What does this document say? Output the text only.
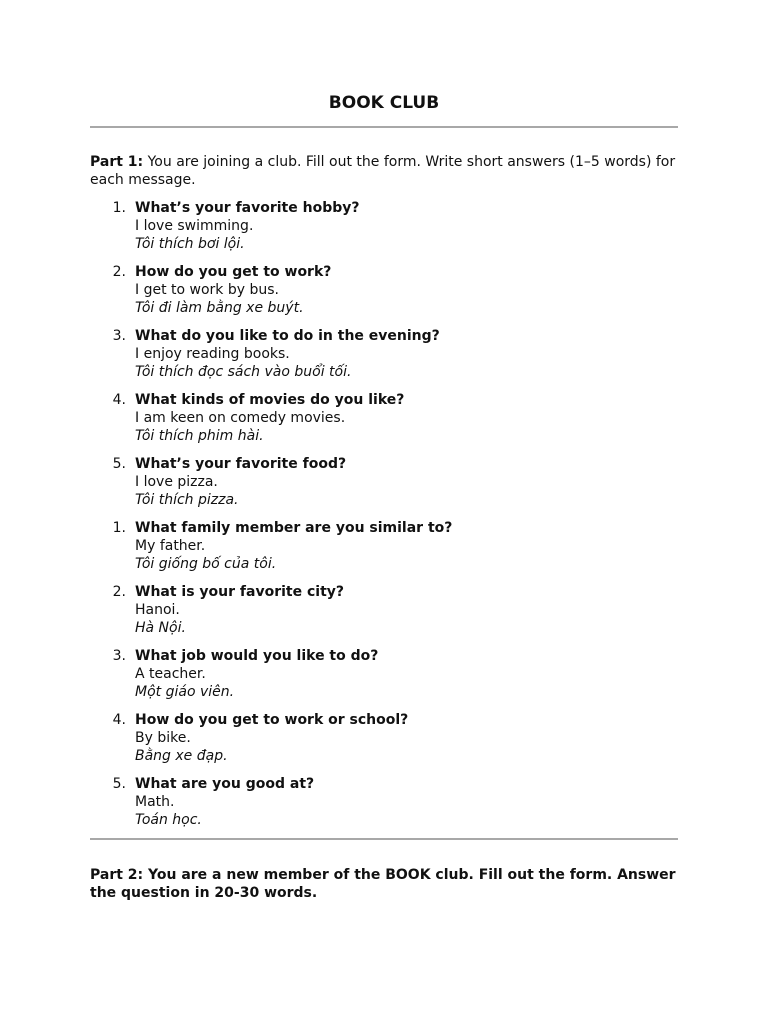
BOOK CLUB

Part 1: You are joining a club. Fill out the form. Write short answers (1–5 words) for each message.

1. What’s your favorite hobby?
I love swimming.
Tôi thích bơi lội.
2. How do you get to work?
I get to work by bus.
Tôi đi làm bằng xe buýt.
3. What do you like to do in the evening?
I enjoy reading books.
Tôi thích đọc sách vào buổi tối.
4. What kinds of movies do you like?
I am keen on comedy movies.
Tôi thích phim hài.
5. What’s your favorite food?
I love pizza.
Tôi thích pizza.
1. What family member are you similar to?
My father.
Tôi giống bố của tôi.
2. What is your favorite city?
Hanoi.
Hà Nội.
3. What job would you like to do?
A teacher.
Một giáo viên.
4. How do you get to work or school?
By bike.
Bằng xe đạp.
5. What are you good at?
Math.
Toán học.

Part 2: You are a new member of the BOOK club. Fill out the form. Answer the question in 20-30 words.
